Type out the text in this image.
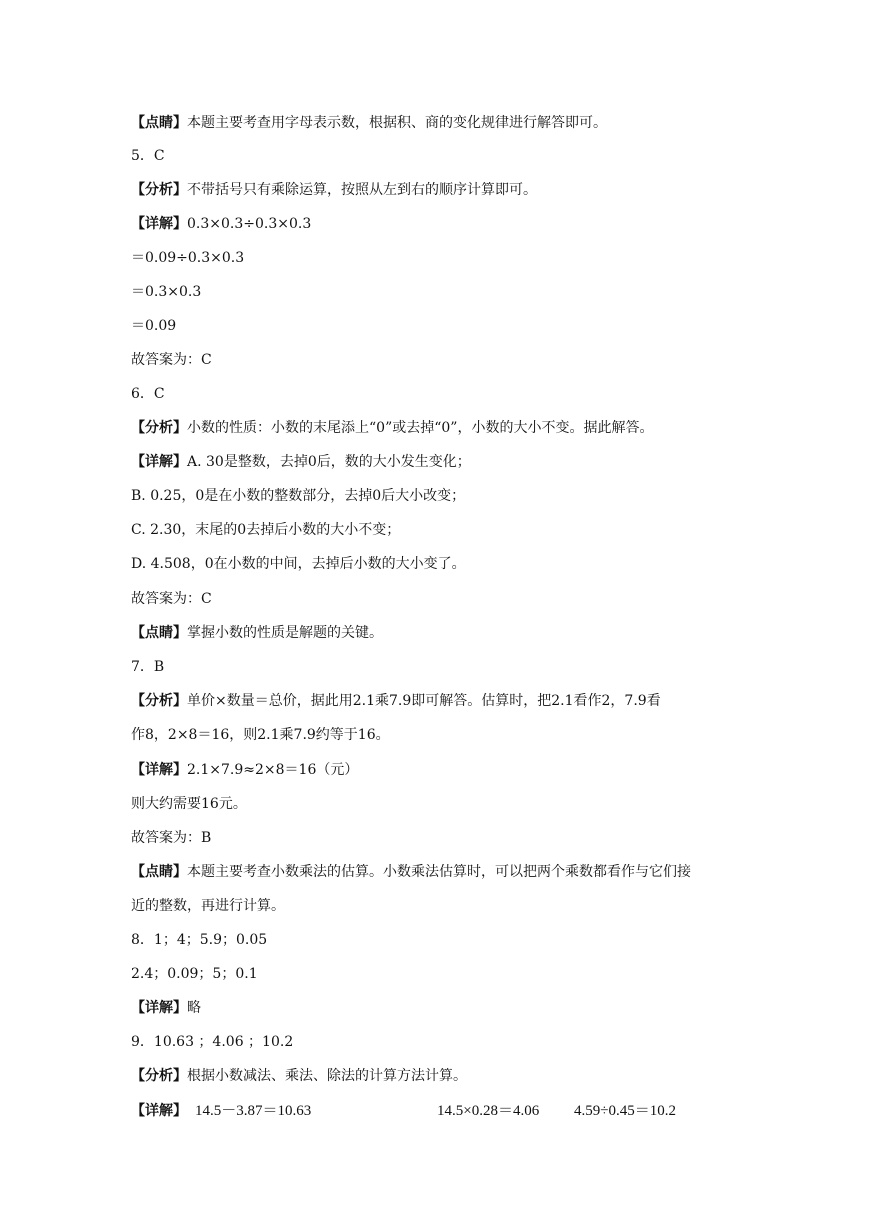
【点睛】本题主要考查用字母表示数，根据积、商的变化规律进行解答即可。
5．C
【分析】不带括号只有乘除运算，按照从左到右的顺序计算即可。
【详解】0.3×0.3÷0.3×0.3
＝0.09÷0.3×0.3
＝0.3×0.3
＝0.09
故答案为：C
6．C
【分析】小数的性质：小数的末尾添上“0”或去掉“0”，小数的大小不变。据此解答。
【详解】A. 30是整数，去掉0后，数的大小发生变化；
B. 0.25，0是在小数的整数部分，去掉0后大小改变；
C. 2.30，末尾的0去掉后小数的大小不变；
D. 4.508，0在小数的中间，去掉后小数的大小变了。
故答案为：C
【点睛】掌握小数的性质是解题的关键。
7．B
【分析】单价×数量＝总价，据此用2.1乘7.9即可解答。估算时，把2.1看作2，7.9看
作8，2×8＝16，则2.1乘7.9约等于16。
【详解】2.1×7.9≈2×8＝16（元）
则大约需要16元。
故答案为：B
【点睛】本题主要考查小数乘法的估算。小数乘法估算时，可以把两个乘数都看作与它们接
近的整数，再进行计算。
8．1；4；5.9；0.05
2.4；0.09；5；0.1
【详解】略
9．10.63 ；4.06 ；10.2
【分析】根据小数减法、乘法、除法的计算方法计算。
【详解】 14.5－3.87＝10.63	14.5×0.28＝4.06 4.59÷0.45＝10.2
